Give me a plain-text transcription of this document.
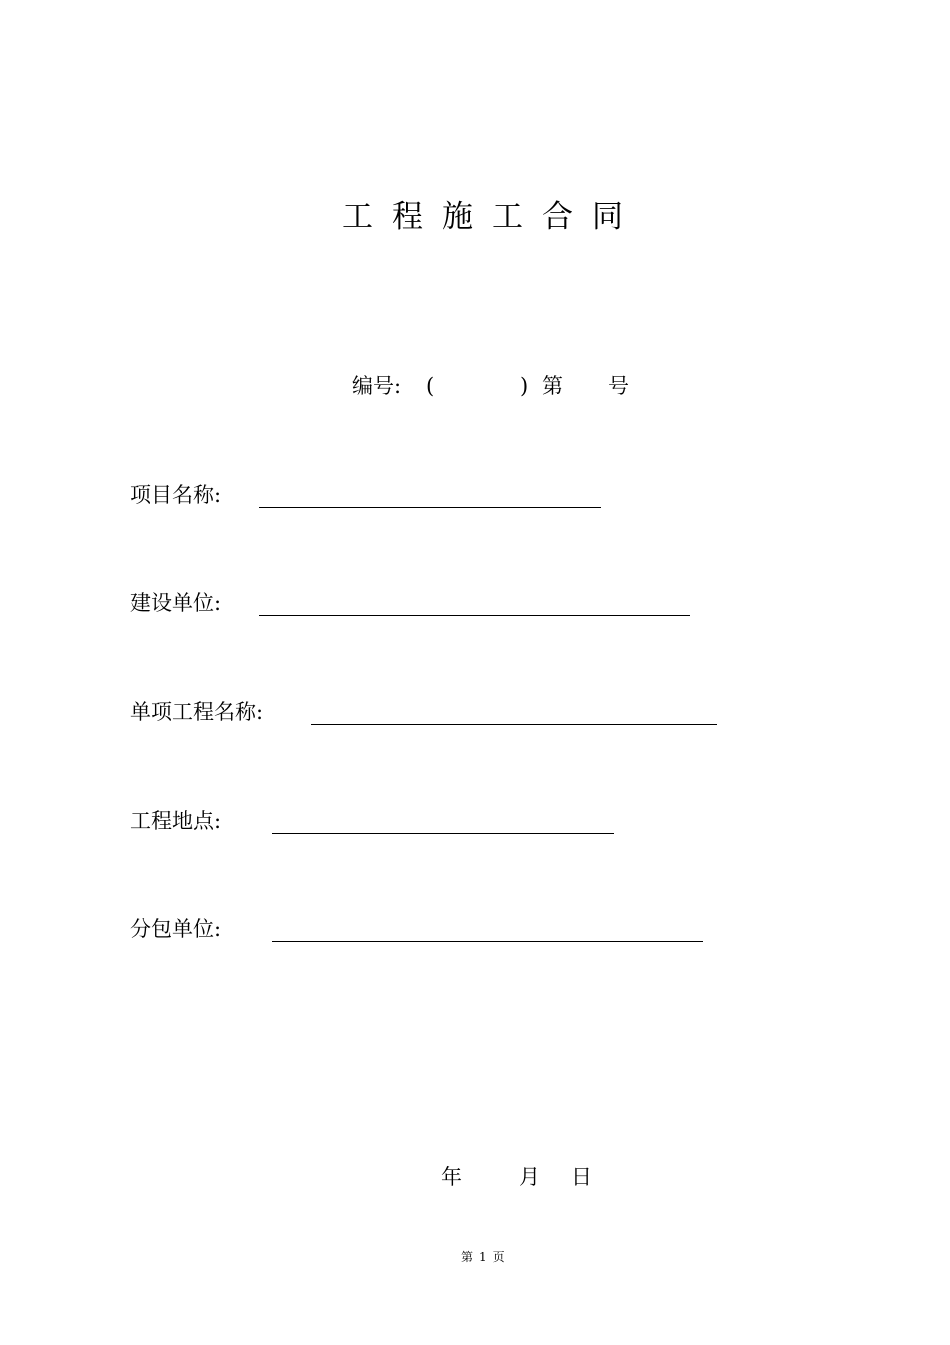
工程施工合同
编号: (	) 第 号
项目名称:
建设单位:
单项工程名称:
工程地点:
分包单位:
年	月 日
第 1 页
